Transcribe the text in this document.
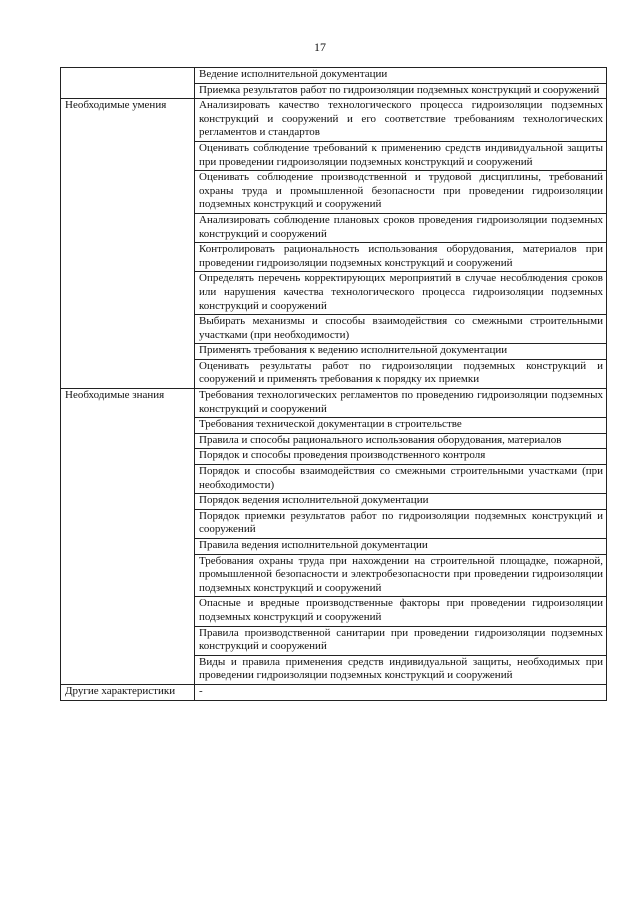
17
	Ведение исполнительной документации
	Приемка результатов работ по гидроизоляции подземных конструкций и сооружений
Необходимые умения	Анализировать качество технологического процесса гидроизоляции подземных конструкций и сооружений и его соответствие требованиям технологических регламентов и стандартов
	Оценивать соблюдение требований к применению средств индивидуальной защиты при проведении гидроизоляции подземных конструкций и сооружений
	Оценивать соблюдение производственной и трудовой дисциплины, требований охраны труда и промышленной безопасности при проведении гидроизоляции подземных конструкций и сооружений
	Анализировать соблюдение плановых сроков проведения гидроизоляции подземных конструкций и сооружений
	Контролировать рациональность использования оборудования, материалов при проведении гидроизоляции подземных конструкций и сооружений
	Определять перечень корректирующих мероприятий в случае несоблюдения сроков или нарушения качества технологического процесса гидроизоляции подземных конструкций и сооружений
	Выбирать механизмы и способы взаимодействия со смежными строительными участками (при необходимости)
	Применять требования к ведению исполнительной документации
	Оценивать результаты работ по гидроизоляции подземных конструкций и сооружений и применять требования к порядку их приемки
Необходимые знания	Требования технологических регламентов по проведению гидроизоляции подземных конструкций и сооружений
	Требования технической документации в строительстве
	Правила и способы рационального использования оборудования, материалов
	Порядок и способы проведения производственного контроля
	Порядок и способы взаимодействия со смежными строительными участками (при необходимости)
	Порядок ведения исполнительной документации
	Порядок приемки результатов работ по гидроизоляции подземных конструкций и сооружений
	Правила ведения исполнительной документации
	Требования охраны труда при нахождении на строительной площадке, пожарной, промышленной безопасности и электробезопасности при проведении гидроизоляции подземных конструкций и сооружений
	Опасные и вредные производственные факторы при проведении гидроизоляции подземных конструкций и сооружений
	Правила производственной санитарии при проведении гидроизоляции подземных конструкций и сооружений
	Виды и правила применения средств индивидуальной защиты, необходимых при проведении гидроизоляции подземных конструкций и сооружений
Другие характеристики	-
